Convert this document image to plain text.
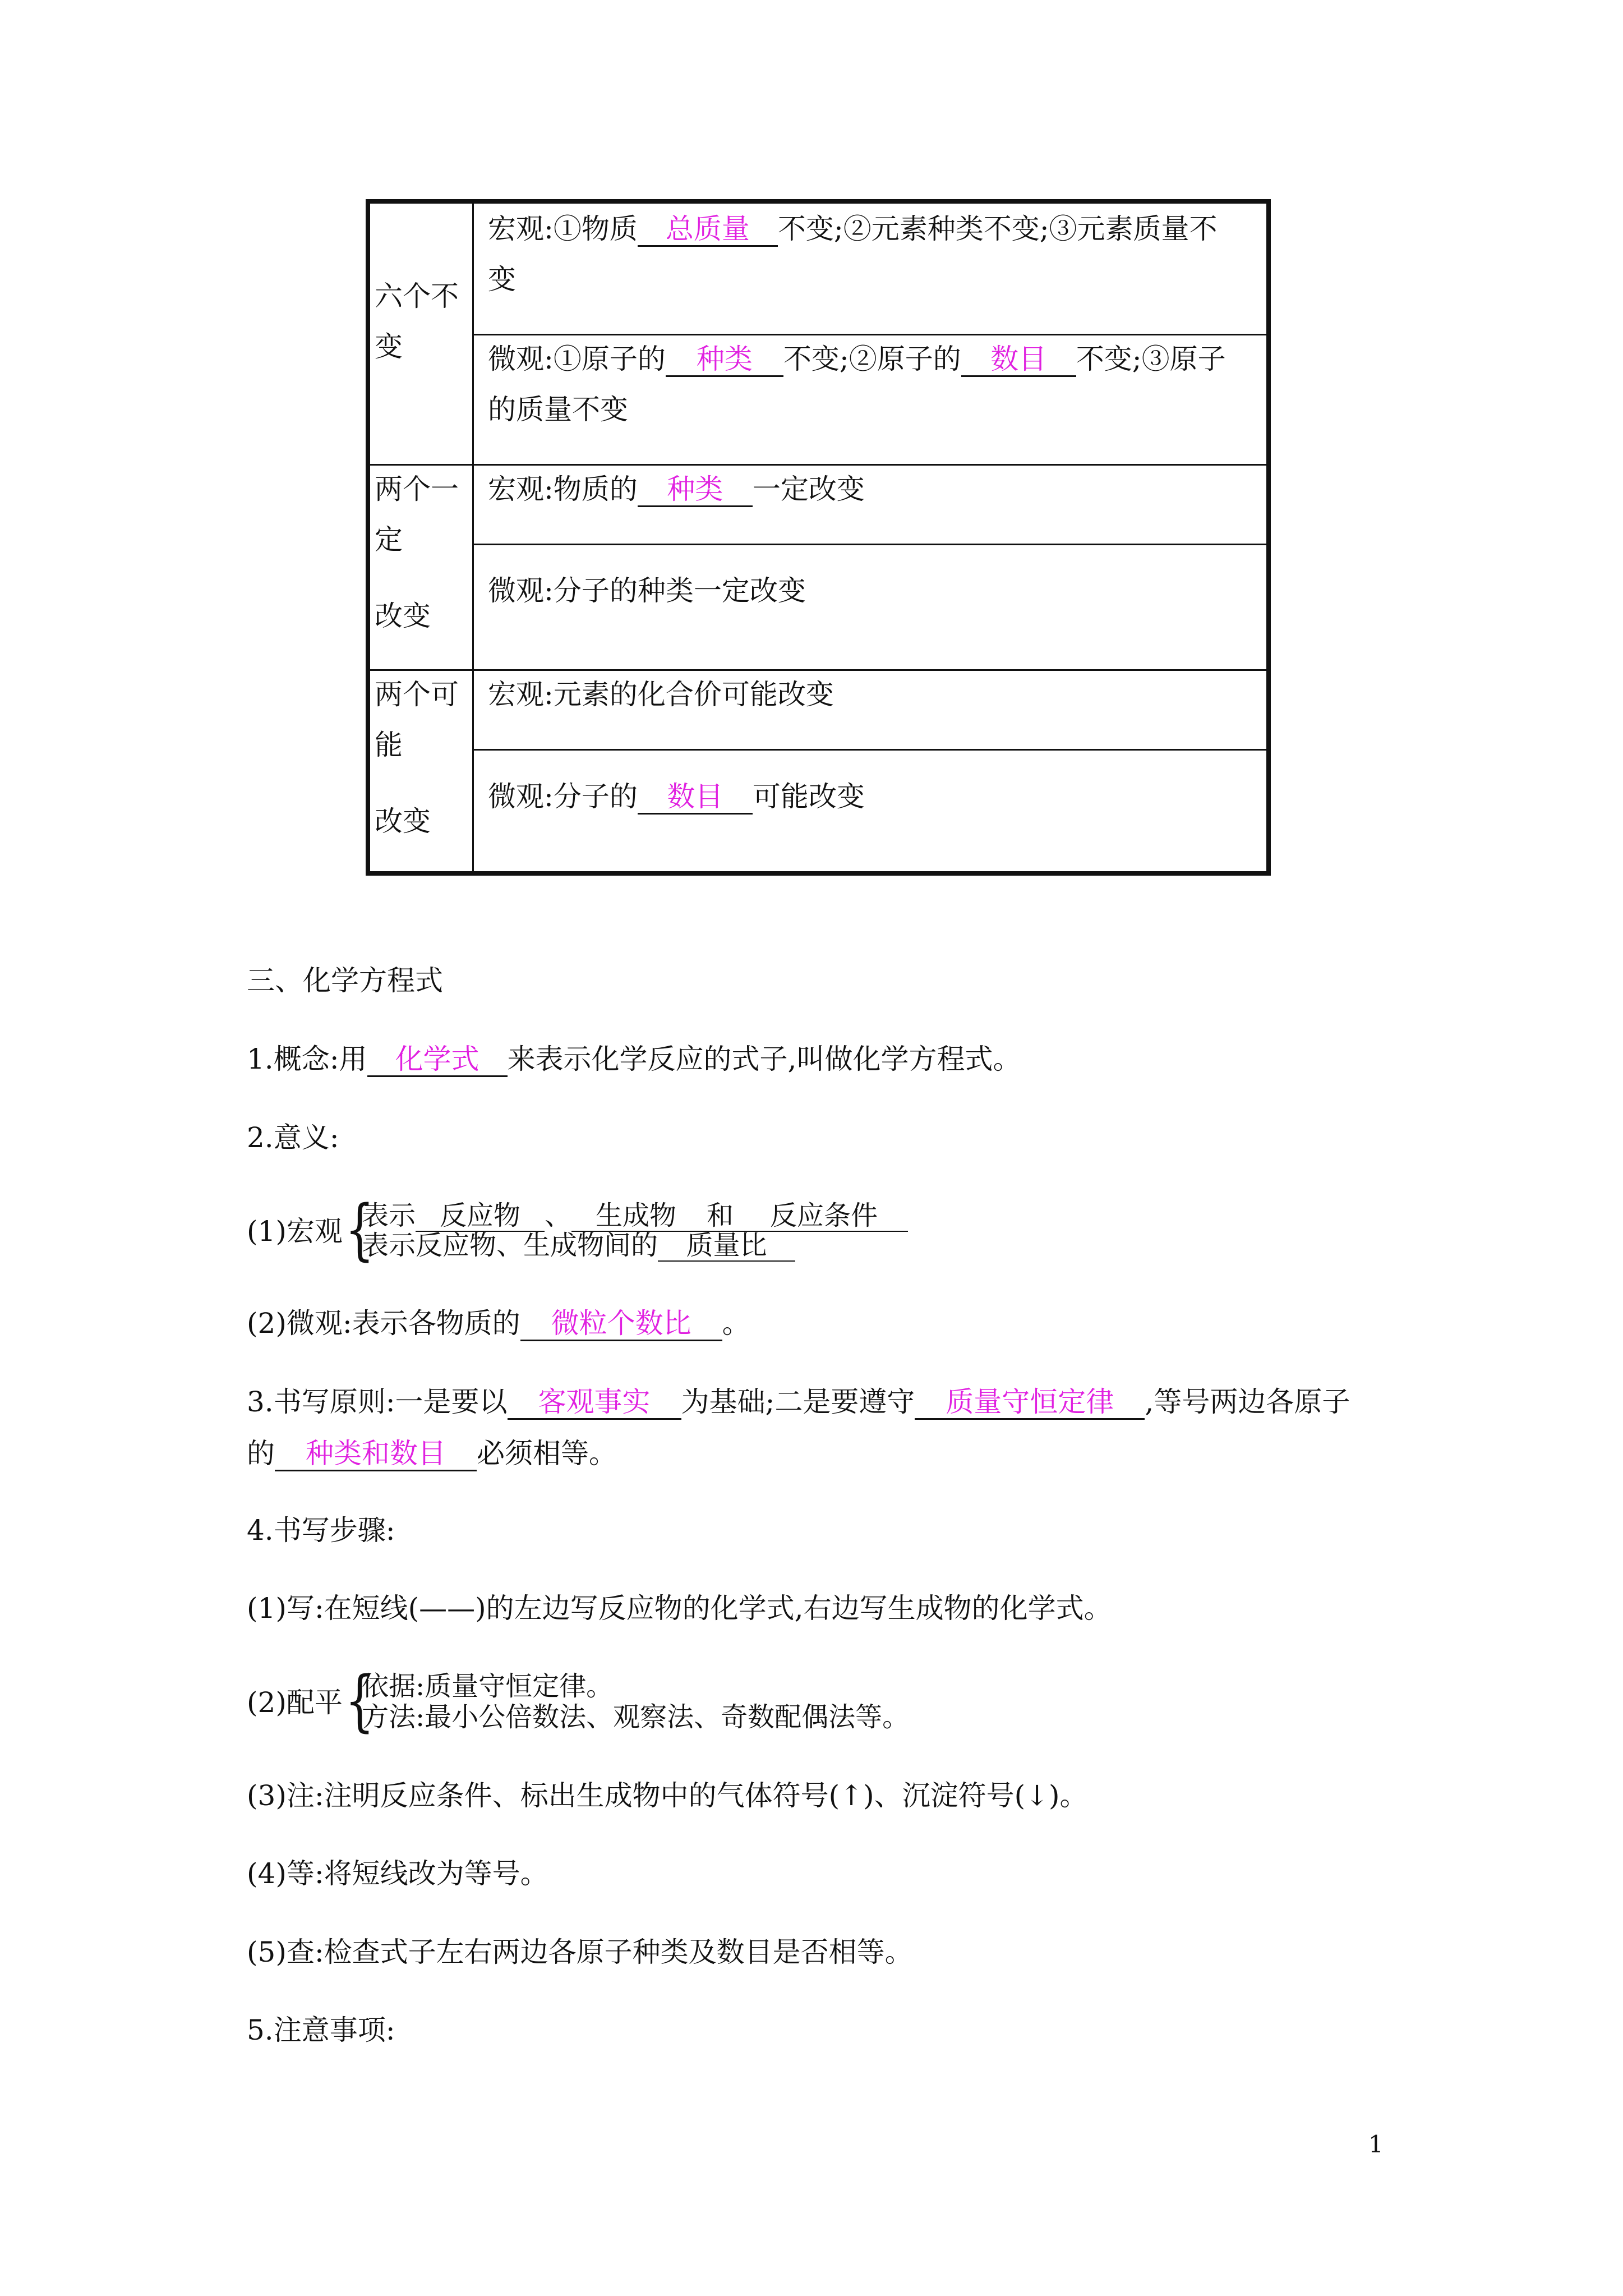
六个不
变
宏观:①物质 总质量 不变;②元素种类不变;③元素质量不
变
微观:①原子的 种类 不变;②原子的 数目 不变;③原子
的质量不变
两个一
定
改变
宏观:物质的 种类 一定改变
微观:分子的种类一定改变
两个可
能
改变
宏观:元素的化合价可能改变
微观:分子的 数目 可能改变
三、化学方程式
1.概念:用 化学式 来表示化学反应的式子,叫做化学方程式。
2.意义:
(1)宏观 {
表示 反应物 、 生成物 和 反应条件
表示反应物、生成物间的 质量比
(2)微观:表示各物质的 微粒个数比 。
3.书写原则:一是要以 客观事实 为基础;二是要遵守 质量守恒定律 ,等号两边各原子
的 种类和数目 必须相等。
4.书写步骤:
(1)写:在短线(——)的左边写反应物的化学式,右边写生成物的化学式。
(2)配平 {
依据:质量守恒定律。
方法:最小公倍数法、观察法、奇数配偶法等。
(3)注:注明反应条件、标出生成物中的气体符号(↑)、沉淀符号(↓)。
(4)等:将短线改为等号。
(5)查:检查式子左右两边各原子种类及数目是否相等。
5.注意事项:
1
